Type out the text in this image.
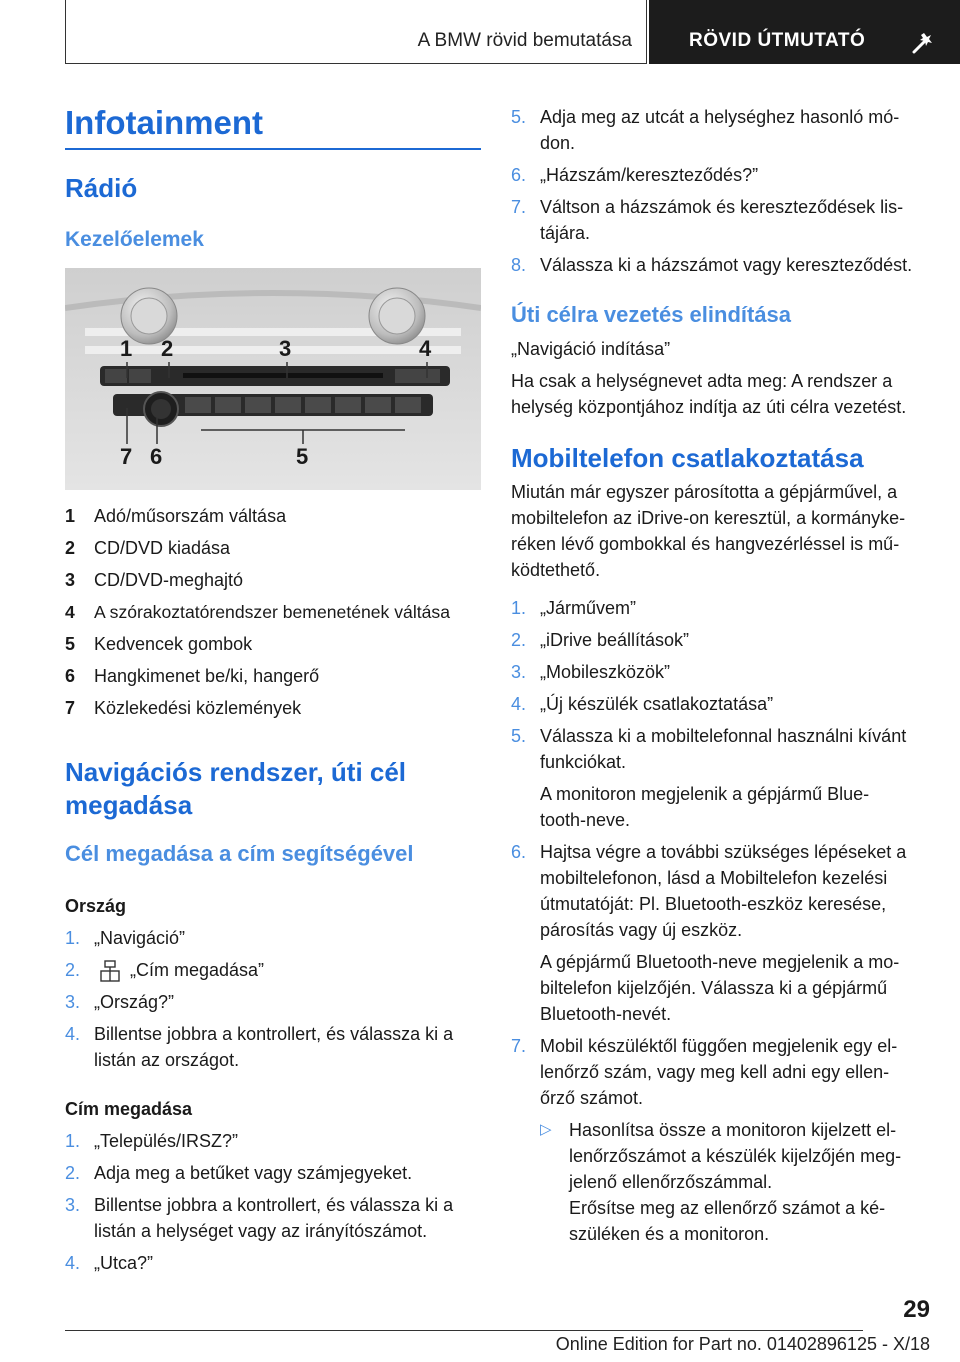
A BMW rövid bemutatása	RÖVID ÚTMUTATÓ
Infotainment
Rádió
Kezelőelemek
1 2	3	4
7 6	5
1 Adó/műsorszám váltása
2 CD/DVD kiadása
3 CD/DVD-meghajtó
4 A szórakoztatórendszer bemenetének váltása
5 Kedvencek gombok
6 Hangkimenet be/ki, hangerő
7 Közlekedési közlemények
Navigációs rendszer, úti cél
megadása
Cél megadása a cím segítségével
Ország
1. „Navigáció”
2.	„Cím megadása”
3. „Ország?”
4. Billentse jobbra a kontrollert, és válassza ki a
listán az országot.
Cím megadása
1. „Település/IRSZ?”
2. Adja meg a betűket vagy számjegyeket.
3. Billentse jobbra a kontrollert, és válassza ki a
listán a helységet vagy az irányítószámot.
4. „Utca?”
5. Adja meg az utcát a helységhez hasonló mó-
don.
6. „Házszám/kereszteződés?”
7. Váltson a házszámok és kereszteződések lis-
tájára.
8. Válassza ki a házszámot vagy kereszteződést.
Úti célra vezetés elindítása

„Navigáció indítása”

Ha csak a helységnevet adta meg: A rendszer a

helység központjához indítja az úti célra vezetést.

Mobiltelefon csatlakoztatása

Miután már egyszer párosította a gépjárművel, a

mobiltelefon az iDrive-on keresztül, a kormányke-

réken lévő gombokkal és hangvezérléssel is mű-

ködtethető.

1. „Járművem”
2. „iDrive beállítások”
3. „Mobileszközök”
4. „Új készülék csatlakoztatása”
5. Válassza ki a mobiltelefonnal használni kívánt
funkciókat.
A monitoron megjelenik a gépjármű Blue-
tooth-neve.
6. Hajtsa végre a további szükséges lépéseket a
mobiltelefonon, lásd a Mobiltelefon kezelési
útmutatóját: Pl. Bluetooth-eszköz keresése,
párosítás vagy új eszköz.
A gépjármű Bluetooth-neve megjelenik a mo-
biltelefon kijelzőjén. Válassza ki a gépjármű
Bluetooth-nevét.
7. Mobil készüléktől függően megjelenik egy el-
lenőrző szám, vagy meg kell adni egy ellen-
őrző számot.
▷ Hasonlítsa össze a monitoron kijelzett el-
lenőrzőszámot a készülék kijelzőjén meg-
jelenő ellenőrzőszámmal.
Erősítse meg az ellenőrző számot a ké-
szüléken és a monitoron.
29
Online Edition for Part no. 01402896125 - X/18
